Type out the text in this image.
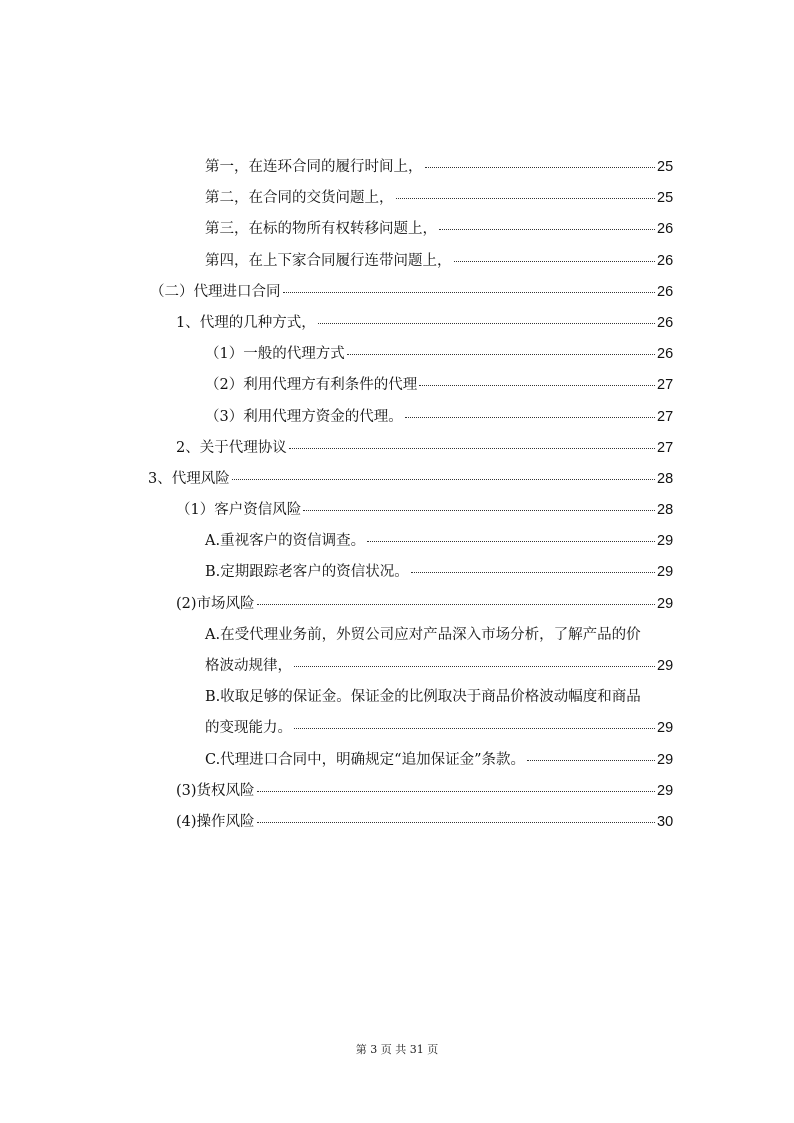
第一，在连环合同的履行时间上，	25
第二，在合同的交货问题上，	25
第三，在标的物所有权转移问题上，	26
第四，在上下家合同履行连带问题上，	26
（二）代理进口合同	26
1、代理的几种方式，	26
（1）一般的代理方式	26
（2）利用代理方有利条件的代理	27
（3）利用代理方资金的代理。	27
2、关于代理协议	27
3、代理风险	28
（1）客户资信风险	28
A.重视客户的资信调查。	29
B.定期跟踪老客户的资信状况。	29
(2)市场风险	29
A.在受代理业务前，外贸公司应对产品深入市场分析，了解产品的价
格波动规律，	29
B.收取足够的保证金。保证金的比例取决于商品价格波动幅度和商品
的变现能力。	29
C.代理进口合同中，明确规定“追加保证金”条款。	29
(3)货权风险	29
(4)操作风险	30
第 3 页 共 31 页
